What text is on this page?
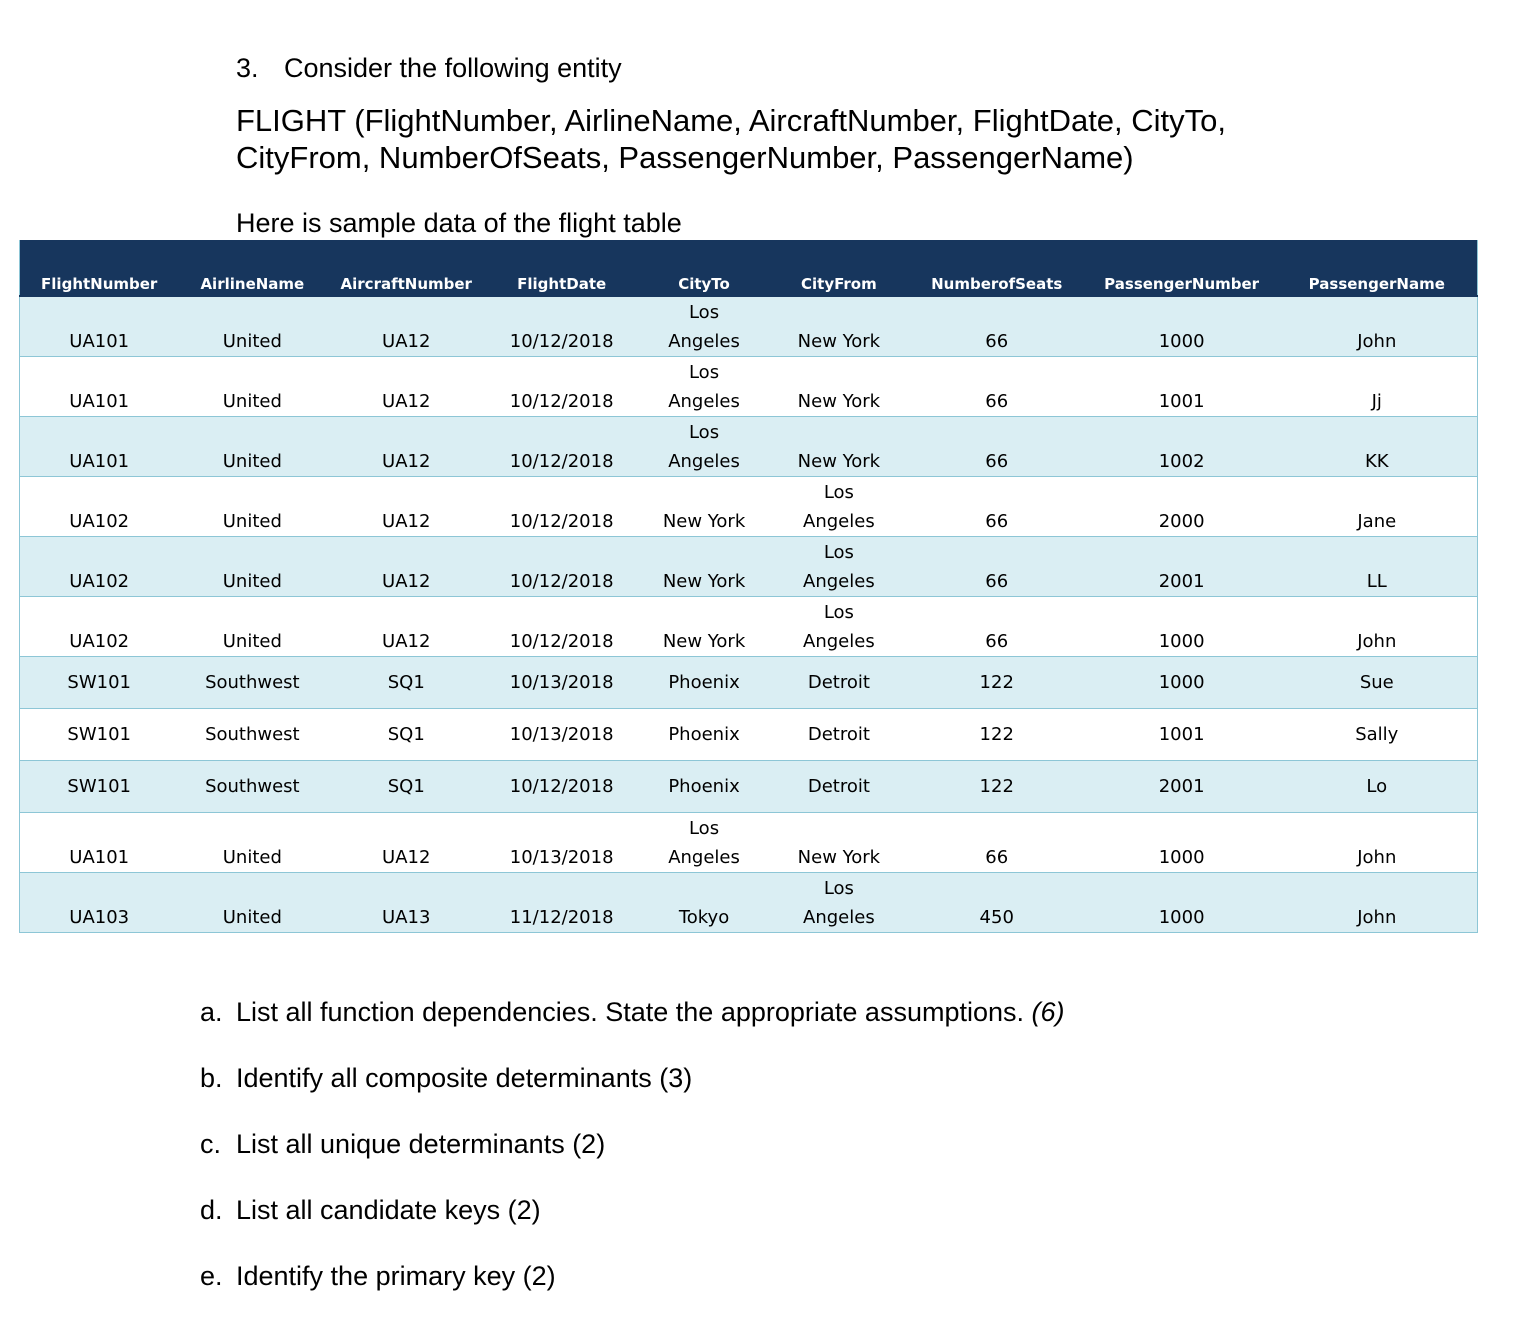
3. Consider the following entity
FLIGHT (FlightNumber, AirlineName, AircraftNumber, FlightDate, CityTo,
CityFrom, NumberOfSeats, PassengerNumber, PassengerName)
Here is sample data of the flight table
FlightNumber	AirlineName	AircraftNumber	FlightDate	CityTo	CityFrom	NumberofSeats	PassengerNumber	PassengerName
UA101	United	UA12	10/12/2018	Los Angeles	New York	66	1000	John
UA101	United	UA12	10/12/2018	Los Angeles	New York	66	1001	Jj
UA101	United	UA12	10/12/2018	Los Angeles	New York	66	1002	KK
UA102	United	UA12	10/12/2018	New York	Los Angeles	66	2000	Jane
UA102	United	UA12	10/12/2018	New York	Los Angeles	66	2001	LL
UA102	United	UA12	10/12/2018	New York	Los Angeles	66	1000	John
SW101	Southwest	SQ1	10/13/2018	Phoenix	Detroit	122	1000	Sue
SW101	Southwest	SQ1	10/13/2018	Phoenix	Detroit	122	1001	Sally
SW101	Southwest	SQ1	10/12/2018	Phoenix	Detroit	122	2001	Lo
UA101	United	UA12	10/13/2018	Los Angeles	New York	66	1000	John
UA103	United	UA13	11/12/2018	Tokyo	Los Angeles	450	1000	John
a. List all function dependencies. State the appropriate assumptions. (6)
b. Identify all composite determinants (3)
c. List all unique determinants (2)
d. List all candidate keys (2)
e. Identify the primary key (2)
